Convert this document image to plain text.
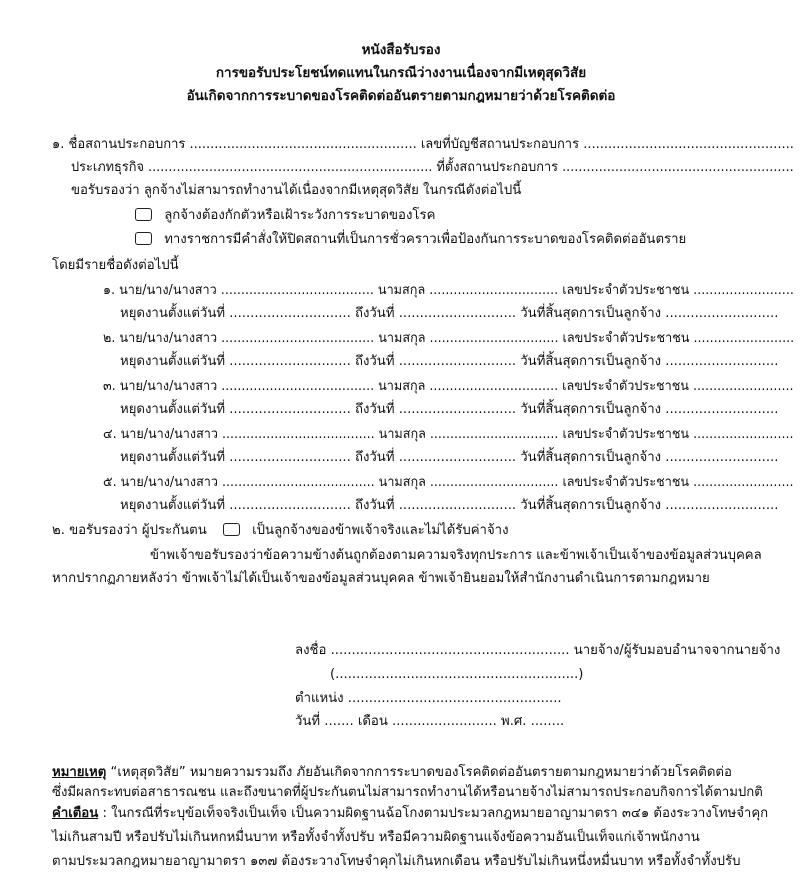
หนังสือรับรอง
การขอรับประโยชน์ทดแทนในกรณีว่างงานเนื่องจากมีเหตุสุดวิสัย
อันเกิดจากการระบาดของโรคติดต่ออันตรายตามกฎหมายว่าด้วยโรคติดต่อ
๑. ชื่อสถานประกอบการ ....................................................... เลขที่บัญชีสถานประกอบการ ...................................................
ประเภทธุรกิจ ...................................................................... ที่ตั้งสถานประกอบการ .........................................................
ขอรับรองว่า ลูกจ้างไม่สามารถทำงานได้เนื่องจากมีเหตุสุดวิสัย ในกรณีดังต่อไปนี้
ลูกจ้างต้องกักตัวหรือเฝ้าระวังการระบาดของโรค
ทางราชการมีคำสั่งให้ปิดสถานที่เป็นการชั่วคราวเพื่อป้องกันการระบาดของโรคติดต่ออันตราย
โดยมีรายชื่อดังต่อไปนี้
๑. นาย/นาง/นางสาว ...................................... นามสกุล ................................ เลขประจำตัวประชาชน .........................
หยุดงานตั้งแต่วันที่ ............................. ถึงวันที่ ............................ วันที่สิ้นสุดการเป็นลูกจ้าง ...........................
๒. นาย/นาง/นางสาว ...................................... นามสกุล ................................ เลขประจำตัวประชาชน .........................
หยุดงานตั้งแต่วันที่ ............................. ถึงวันที่ ............................ วันที่สิ้นสุดการเป็นลูกจ้าง ...........................
๓. นาย/นาง/นางสาว ...................................... นามสกุล ................................ เลขประจำตัวประชาชน .........................
หยุดงานตั้งแต่วันที่ ............................. ถึงวันที่ ............................ วันที่สิ้นสุดการเป็นลูกจ้าง ...........................
๔. นาย/นาง/นางสาว ...................................... นามสกุล ................................ เลขประจำตัวประชาชน .........................
หยุดงานตั้งแต่วันที่ ............................. ถึงวันที่ ............................ วันที่สิ้นสุดการเป็นลูกจ้าง ...........................
๕. นาย/นาง/นางสาว ...................................... นามสกุล ................................ เลขประจำตัวประชาชน .........................
หยุดงานตั้งแต่วันที่ ............................. ถึงวันที่ ............................ วันที่สิ้นสุดการเป็นลูกจ้าง ...........................
๒. ขอรับรองว่า ผู้ประกันตน	เป็นลูกจ้างของข้าพเจ้าจริงและไม่ได้รับค่าจ้าง
ข้าพเจ้าขอรับรองว่าข้อความข้างต้นถูกต้องตามความจริงทุกประการ และข้าพเจ้าเป็นเจ้าของข้อมูลส่วนบุคคล
หากปรากฏภายหลังว่า ข้าพเจ้าไม่ได้เป็นเจ้าของข้อมูลส่วนบุคคล ข้าพเจ้ายินยอมให้สำนักงานดำเนินการตามกฎหมาย
ลงชื่อ ......................................................... นายจ้าง/ผู้รับมอบอำนาจจากนายจ้าง
(..........................................................)
ตำแหน่ง ...................................................
วันที่ ....... เดือน ......................... พ.ศ. ........
หมายเหตุ “เหตุสุดวิสัย” หมายความรวมถึง ภัยอันเกิดจากการระบาดของโรคติดต่ออันตรายตามกฎหมายว่าด้วยโรคติดต่อ
ซึ่งมีผลกระทบต่อสาธารณชน และถึงขนาดที่ผู้ประกันตนไม่สามารถทำงานได้หรือนายจ้างไม่สามารถประกอบกิจการได้ตามปกติ
คำเตือน : ในกรณีที่ระบุข้อเท็จจริงเป็นเท็จ เป็นความผิดฐานฉ้อโกงตามประมวลกฎหมายอาญามาตรา ๓๔๑ ต้องระวางโทษจำคุก
ไม่เกินสามปี หรือปรับไม่เกินหกหมื่นบาท หรือทั้งจำทั้งปรับ หรือมีความผิดฐานแจ้งข้อความอันเป็นเท็จแก่เจ้าพนักงาน
ตามประมวลกฎหมายอาญามาตรา ๑๓๗ ต้องระวางโทษจำคุกไม่เกินหกเดือน หรือปรับไม่เกินหนึ่งหมื่นบาท หรือทั้งจำทั้งปรับ
